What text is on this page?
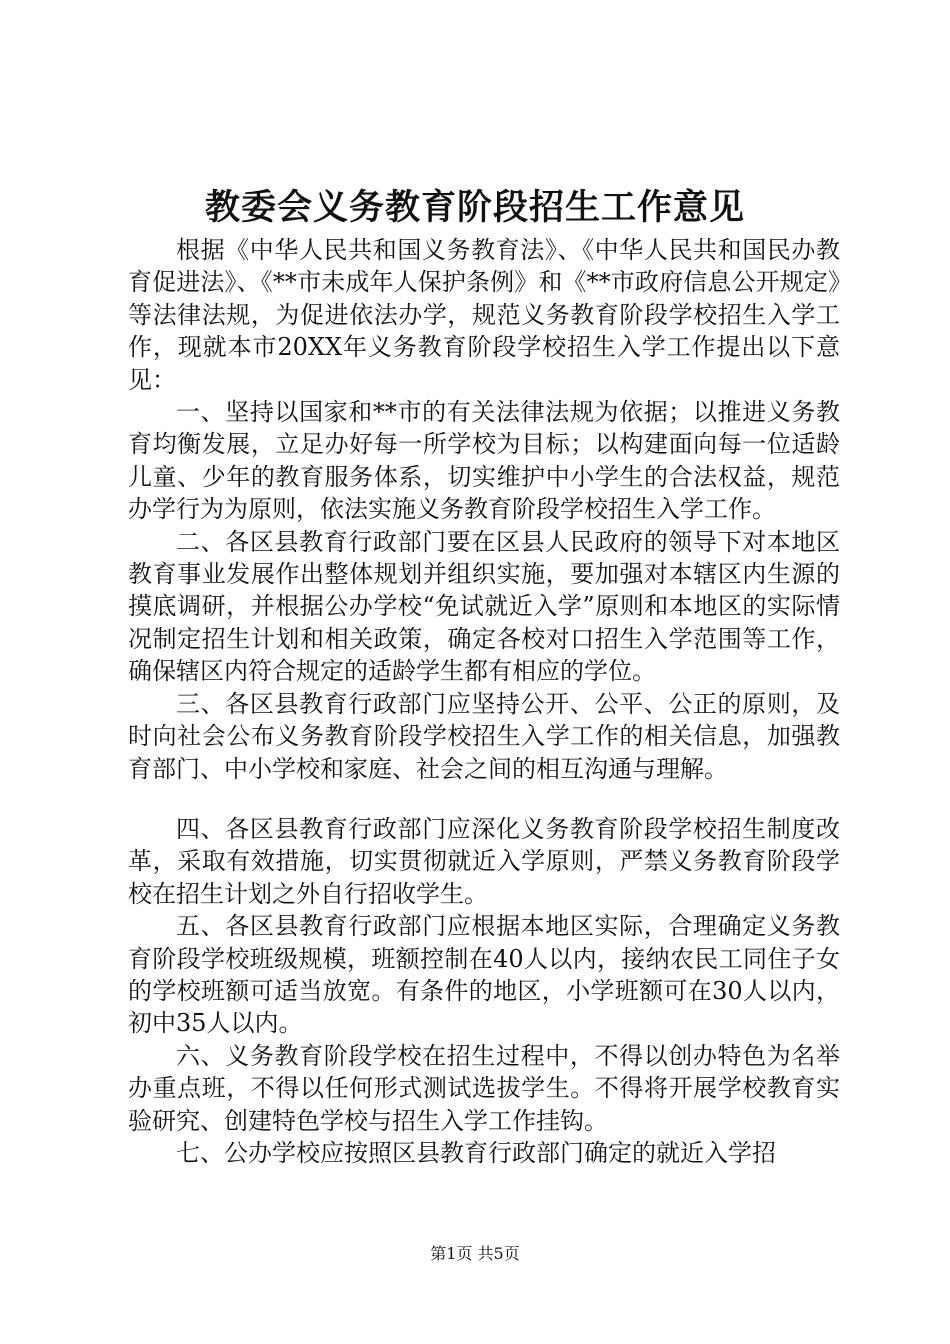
教委会义务教育阶段招生工作意见

根据《中华人民共和国义务教育法》、《中华人民共和国民办教育促进法》、《**市未成年人保护条例》和《**市政府信息公开规定》等法律法规，为促进依法办学，规范义务教育阶段学校招生入学工作，现就本市20XX年义务教育阶段学校招生入学工作提出以下意见：

一、坚持以国家和**市的有关法律法规为依据；以推进义务教育均衡发展，立足办好每一所学校为目标；以构建面向每一位适龄儿童、少年的教育服务体系，切实维护中小学生的合法权益，规范办学行为为原则，依法实施义务教育阶段学校招生入学工作。

二、各区县教育行政部门要在区县人民政府的领导下对本地区教育事业发展作出整体规划并组织实施，要加强对本辖区内生源的摸底调研，并根据公办学校“免试就近入学”原则和本地区的实际情况制定招生计划和相关政策，确定各校对口招生入学范围等工作，确保辖区内符合规定的适龄学生都有相应的学位。

三、各区县教育行政部门应坚持公开、公平、公正的原则，及时向社会公布义务教育阶段学校招生入学工作的相关信息，加强教育部门、中小学校和家庭、社会之间的相互沟通与理解。

四、各区县教育行政部门应深化义务教育阶段学校招生制度改革，采取有效措施，切实贯彻就近入学原则，严禁义务教育阶段学校在招生计划之外自行招收学生。

五、各区县教育行政部门应根据本地区实际，合理确定义务教育阶段学校班级规模，班额控制在40人以内，接纳农民工同住子女的学校班额可适当放宽。有条件的地区，小学班额可在30人以内，初中35人以内。

六、义务教育阶段学校在招生过程中，不得以创办特色为名举办重点班，不得以任何形式测试选拔学生。不得将开展学校教育实验研究、创建特色学校与招生入学工作挂钩。

七、公办学校应按照区县教育行政部门确定的就近入学招

第1页 共5页
